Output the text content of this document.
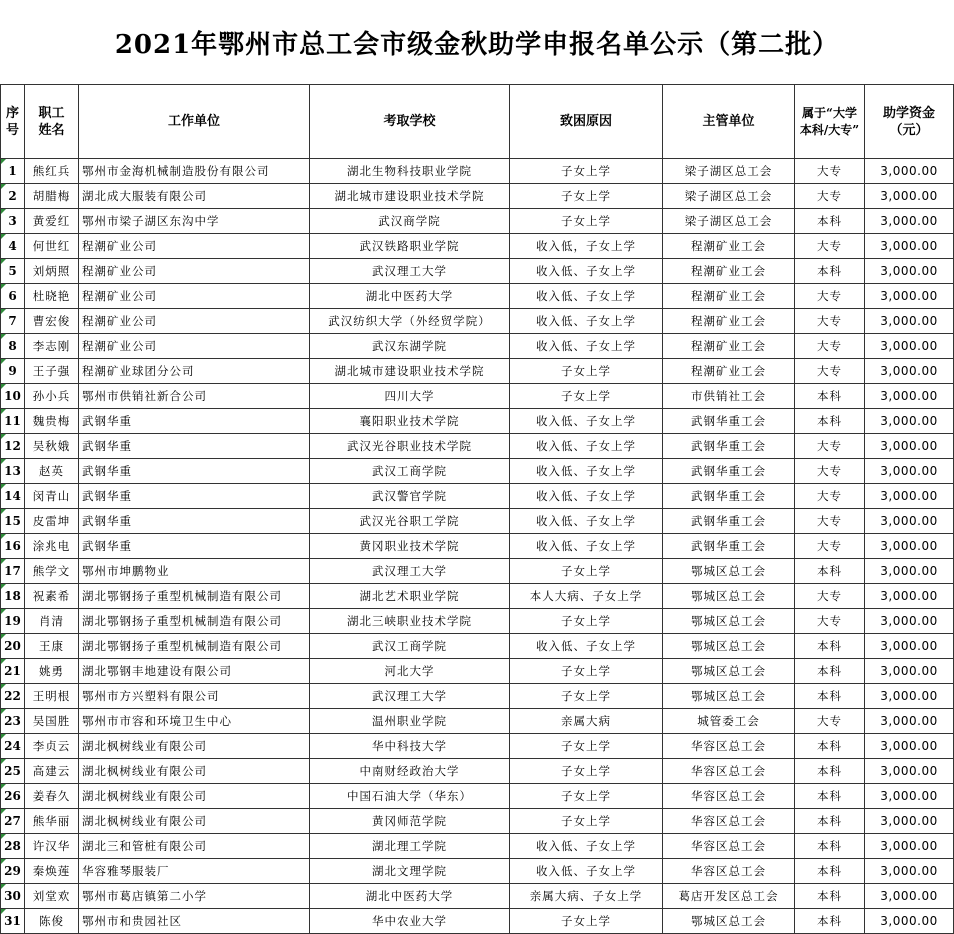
2021年鄂州市总工会市级金秋助学申报名单公示（第二批）
序号	职工姓名	工作单位	考取学校	致困原因	主管单位	属于“大学本科/大专”	助学资金（元）
1	熊红兵	鄂州市金海机械制造股份有限公司	湖北生物科技职业学院	子女上学	梁子湖区总工会	大专	3,000.00
2	胡腊梅	湖北成大服装有限公司	湖北城市建设职业技术学院	子女上学	梁子湖区总工会	大专	3,000.00
3	黄爱红	鄂州市梁子湖区东沟中学	武汉商学院	子女上学	梁子湖区总工会	本科	3,000.00
4	何世红	程潮矿业公司	武汉铁路职业学院	收入低，子女上学	程潮矿业工会	大专	3,000.00
5	刘炳照	程潮矿业公司	武汉理工大学	收入低、子女上学	程潮矿业工会	本科	3,000.00
6	杜晓艳	程潮矿业公司	湖北中医药大学	收入低、子女上学	程潮矿业工会	大专	3,000.00
7	曹宏俊	程潮矿业公司	武汉纺织大学（外经贸学院）	收入低、子女上学	程潮矿业工会	大专	3,000.00
8	李志刚	程潮矿业公司	武汉东湖学院	收入低、子女上学	程潮矿业工会	大专	3,000.00
9	王子强	程潮矿业球团分公司	湖北城市建设职业技术学院	子女上学	程潮矿业工会	大专	3,000.00
10	孙小兵	鄂州市供销社新合公司	四川大学	子女上学	市供销社工会	本科	3,000.00
11	魏贵梅	武钢华重	襄阳职业技术学院	收入低、子女上学	武钢华重工会	本科	3,000.00
12	吴秋娥	武钢华重	武汉光谷职业技术学院	收入低、子女上学	武钢华重工会	大专	3,000.00
13	赵英	武钢华重	武汉工商学院	收入低、子女上学	武钢华重工会	大专	3,000.00
14	闵青山	武钢华重	武汉警官学院	收入低、子女上学	武钢华重工会	大专	3,000.00
15	皮雷坤	武钢华重	武汉光谷职工学院	收入低、子女上学	武钢华重工会	大专	3,000.00
16	涂兆电	武钢华重	黄冈职业技术学院	收入低、子女上学	武钢华重工会	大专	3,000.00
17	熊学文	鄂州市坤鹏物业	武汉理工大学	子女上学	鄂城区总工会	本科	3,000.00
18	祝素希	湖北鄂钢扬子重型机械制造有限公司	湖北艺术职业学院	本人大病、子女上学	鄂城区总工会	大专	3,000.00
19	肖清	湖北鄂钢扬子重型机械制造有限公司	湖北三峡职业技术学院	子女上学	鄂城区总工会	大专	3,000.00
20	王康	湖北鄂钢扬子重型机械制造有限公司	武汉工商学院	收入低、子女上学	鄂城区总工会	本科	3,000.00
21	姚勇	湖北鄂钢丰地建设有限公司	河北大学	子女上学	鄂城区总工会	本科	3,000.00
22	王明根	鄂州市方兴塑料有限公司	武汉理工大学	子女上学	鄂城区总工会	本科	3,000.00
23	吴国胜	鄂州市市容和环境卫生中心	温州职业学院	亲属大病	城管委工会	大专	3,000.00
24	李贞云	湖北枫树线业有限公司	华中科技大学	子女上学	华容区总工会	本科	3,000.00
25	高建云	湖北枫树线业有限公司	中南财经政治大学	子女上学	华容区总工会	本科	3,000.00
26	姜春久	湖北枫树线业有限公司	中国石油大学（华东）	子女上学	华容区总工会	本科	3,000.00
27	熊华丽	湖北枫树线业有限公司	黄冈师范学院	子女上学	华容区总工会	本科	3,000.00
28	许汉华	湖北三和管桩有限公司	湖北理工学院	收入低、子女上学	华容区总工会	本科	3,000.00
29	秦焕莲	华容雅琴服装厂	湖北文理学院	收入低、子女上学	华容区总工会	本科	3,000.00
30	刘堂欢	鄂州市葛店镇第二小学	湖北中医药大学	亲属大病、子女上学	葛店开发区总工会	本科	3,000.00
31	陈俊	鄂州市和贵园社区	华中农业大学	子女上学	鄂城区总工会	本科	3,000.00
